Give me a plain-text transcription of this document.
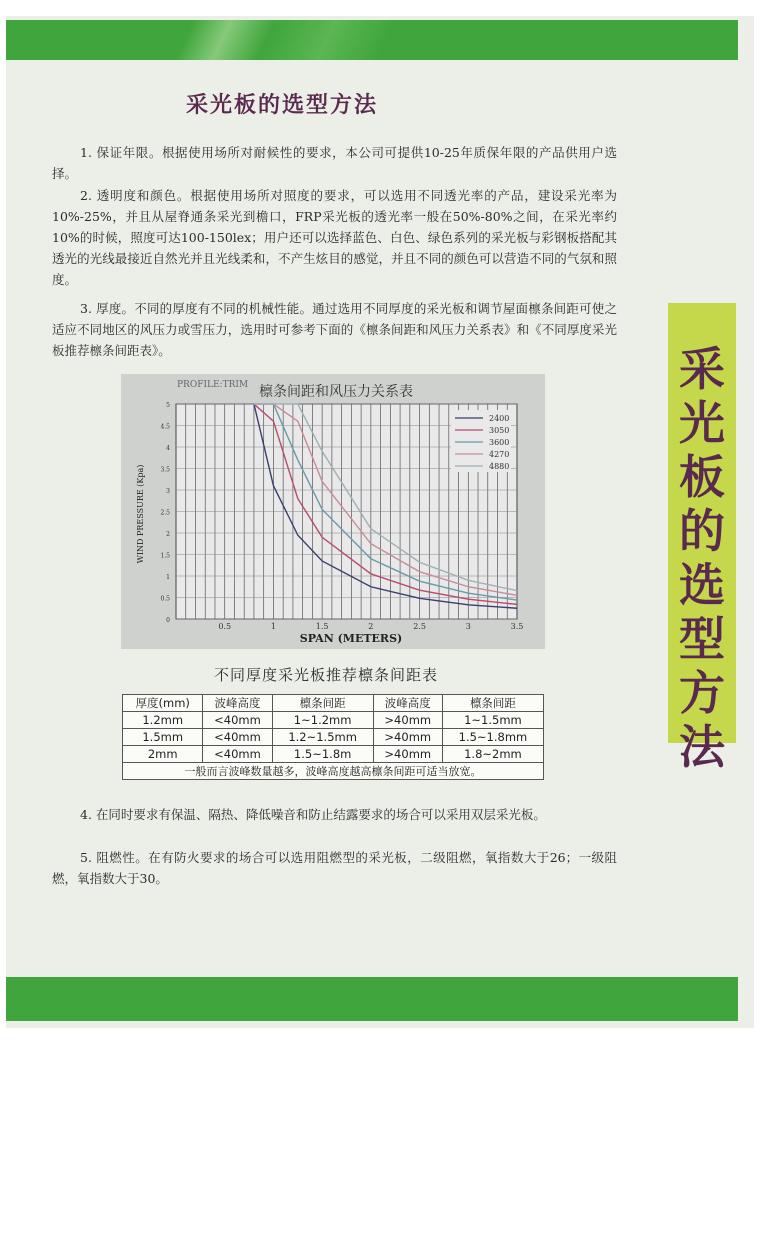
采光板的选型方法
采光板的选型方法

1. 保证年限。根据使用场所对耐候性的要求，本公司可提供10-25年质保年限的产品供用户选择。

2. 透明度和颜色。根据使用场所对照度的要求，可以选用不同透光率的产品，建设采光率为10%-25%，并且从屋脊通条采光到檐口，FRP采光板的透光率一般在50%-80%之间，在采光率约10%的时候，照度可达100-150lex；用户还可以选择蓝色、白色、绿色系列的采光板与彩钢板搭配其透光的光线最接近自然光并且光线柔和，不产生炫目的感觉，并且不同的颜色可以营造不同的气氛和照度。

3. 厚度。不同的厚度有不同的机械性能。通过选用不同厚度的采光板和调节屋面檩条间距可使之适应不同地区的风压力或雪压力，选用时可参考下面的《檩条间距和风压力关系表》和《不同厚度采光板推荐檩条间距表》。

0
0.5
1
1.5
2
2.5
3
3.5
4
4.5
5
0.5	1	1.5	2	2.5	3	3.5
2400
3050
3600
4270
4880
PROFILE:TRIM 檩条间距和风压力关系表
SPAN (METERS)
WIND PRESSURE (Kpa)
不同厚度采光板推荐檩条间距表
厚度(mm)	波峰高度	檩条间距	波峰高度	檩条间距
1.2mm	<40mm	1~1.2mm	>40mm	1~1.5mm
1.5mm	<40mm	1.2~1.5mm	>40mm	1.5~1.8mm
2mm	<40mm	1.5~1.8m	>40mm	1.8~2mm
一般而言波峰数量越多，波峰高度越高檩条间距可适当放宽。				

4. 在同时要求有保温、隔热、降低噪音和防止结露要求的场合可以采用双层采光板。

5. 阻燃性。在有防火要求的场合可以选用阻燃型的采光板，二级阻燃，氧指数大于26；一级阻燃，氧指数大于30。
